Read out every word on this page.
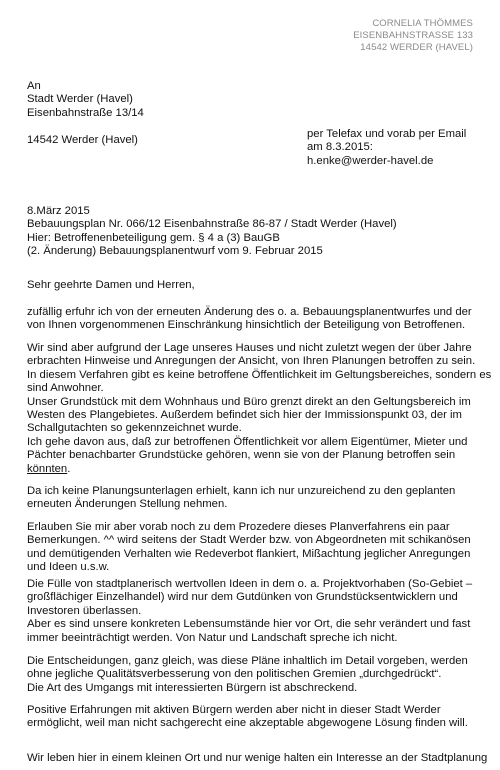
CORNELIA THÖMMES
EISENBAHNSTRASSE 133
14542 WERDER (HAVEL)
An
Stadt Werder (Havel)
Eisenbahnstraße 13/14
14542 Werder (Havel)	per Telefax und vorab per Email
am 8.3.2015:
h.enke@werder-havel.de
8.März 2015
Bebauungsplan Nr. 066/12 Eisenbahnstraße 86-87 / Stadt Werder (Havel)
Hier: Betroffenenbeteiligung gem. § 4 a (3) BauGB
(2. Änderung) Bebauungsplanentwurf vom 9. Februar 2015
Sehr geehrte Damen und Herren,
zufällig erfuhr ich von der erneuten Änderung des o. a. Bebauungsplanentwurfes und der
von Ihnen vorgenommenen Einschränkung hinsichtlich der Beteiligung von Betroffenen.
Wir sind aber aufgrund der Lage unseres Hauses und nicht zuletzt wegen der über Jahre
erbrachten Hinweise und Anregungen der Ansicht, von Ihren Planungen betroffen zu sein.
In diesem Verfahren gibt es keine betroffene Öffentlichkeit im Geltungsbereiches, sondern es
sind Anwohner.
Unser Grundstück mit dem Wohnhaus und Büro grenzt direkt an den Geltungsbereich im
Westen des Plangebietes. Außerdem befindet sich hier der Immissionspunkt 03, der im
Schallgutachten so gekennzeichnet wurde.
Ich gehe davon aus, daß zur betroffenen Öffentlichkeit vor allem Eigentümer, Mieter und
Pächter benachbarter Grundstücke gehören, wenn sie von der Planung betroffen sein
könnten.
Da ich keine Planungsunterlagen erhielt, kann ich nur unzureichend zu den geplanten
erneuten Änderungen Stellung nehmen.
Erlauben Sie mir aber vorab noch zu dem Prozedere dieses Planverfahrens ein paar
Bemerkungen. ^^ wird seitens der Stadt Werder bzw. von Abgeordneten mit schikanösen
und demütigenden Verhalten wie Redeverbot flankiert, Mißachtung jeglicher Anregungen
und Ideen u.s.w.
Die Fülle von stadtplanerisch wertvollen Ideen in dem o. a. Projektvorhaben (So-Gebiet –
großflächiger Einzelhandel) wird nur dem Gutdünken von Grundstücksentwicklern und
Investoren überlassen.
Aber es sind unsere konkreten Lebensumstände hier vor Ort, die sehr verändert und fast
immer beeinträchtigt werden. Von Natur und Landschaft spreche ich nicht.
Die Entscheidungen, ganz gleich, was diese Pläne inhaltlich im Detail vorgeben, werden
ohne jegliche Qualitätsverbesserung von den politischen Gremien „durchgedrückt“.
Die Art des Umgangs mit interessierten Bürgern ist abschreckend.
Positive Erfahrungen mit aktiven Bürgern werden aber nicht in dieser Stadt Werder
ermöglicht, weil man nicht sachgerecht eine akzeptable abgewogene Lösung finden will.
Wir leben hier in einem kleinen Ort und nur wenige halten ein Interesse an der Stadtplanung
